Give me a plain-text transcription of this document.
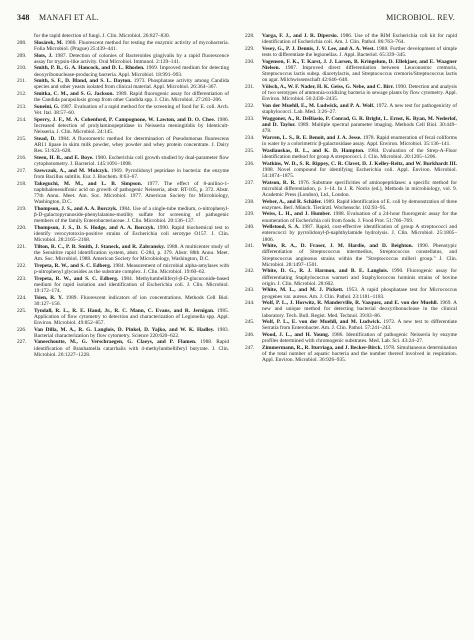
348 MANAFI ET AL.	MICROBIOL. REV.
for the rapid detection of fungi. J. Clin. Microbiol. 26:827–830.
208.	Slosárek, M. 1980. Fluorescent method for testing the enzymic activity of mycobacteria. Folia Microbiol. (Prague) 25:439–441.
209.	Slots, J. 1987. Detection of colonies of Bacteroides gingivalis by a rapid fluorescence assay for trypsin-like activity. Oral Microbiol. Immunol. 2:139–141.
210.	Smith, P. B., G. A. Hancock, and D. L. Rhoden. 1969. Improved medium for detecting deoxyribonuclease-producing bacteria. Appl. Microbiol. 18:991–993.
211.	Smith, S. F., D. Bland, and S. L. Dayton. 1973. Phosphatase activity among Candida species and other yeasts isolated from clinical material. Appl. Microbiol. 26:364–367.
212.	Smitka, C. M., and S. G. Jackson. 1989. Rapid fluorogenic assay for differentiation of the Candida parapsilosis group from other Candida spp. J. Clin. Microbiol. 27:203–206.
213.	Soneini, G. 1987. Evaluation of a rapid method for the screening of food for E. coli. Arch. Vet. Ital. 38:57–60.
214.	Sperry, J. F., M. A. Cohenford, P. Campognone, W. Lawton, and D. O. Chee. 1986. Increased detection of prolylaminopeptidase in Neisseria meningitidis by Identicult-Neisseria. J. Clin. Microbiol. 24:145.
215.	Stead, D. 1984. A fluorometric method for determination of Pseudomonas fluorescens AR11 lipase in skim milk powder, whey powder and whey protein concentrate. J. Dairy Res. 51:623–628.
216.	Steen, H. B., and E. Boye. 1980. Escherichia coli growth studied by dual-parameter flow cytophotometry. J. Bacteriol. 145:1091–1098.
217.	Szewczuk, A., and M. Mulczyk. 1969. Pyrrolidonyl peptidase in bacteria: the enzyme from Bacillus subtilis. Eur. J. Biochem. 8:63–67.
218.	Takeguchi, M. M., and L. B. Simpson. 1977. The effect of 8-anilino-1-naphthalenesulfonic acid on growth of pathogenic Neisseria, abstr. RT-105, p. 372. Abstr. 77th Annu. Meet. Am. Soc. Microbiol. 1977. American Society for Microbiology, Washington, D.C.
219.	Thompson, J. S., and A. A. Borczyk. 1984. Use of a single-tube medium, o-nitrophenyl-β-D-galactopyranoside-phenylalanine-motility sulfate for screening of pathogenic members of the family Enterobacteriaceae. J. Clin. Microbiol. 20:136–137.
220.	Thompson, J. S., D. S. Hodge, and A. A. Borczyk. 1990. Rapid biochemical test to identify verocytotoxin-positive strains of Escherichia coli serotype O157. J. Clin. Microbiol. 28:2165–2168.
221.	Tilton, R. C., P. B. Smith, J. Staneck, and R. Zabransky. 1988. A multicenter study of the Sensititre rapid identification system, abstr. C-284, p. 379. Abstr. 88th Annu. Meet. Am. Soc. Microbiol. 1988. American Society for Microbiology, Washington, D.C.
222.	Trepeta, R. W., and S. C. Edberg. 1984. Measurement of microbial alpha-amylases with p-nitrophenyl glycosides as the substrate complex. J. Clin. Microbiol. 19:60–62.
223.	Trepeta, R. W., and S. C. Edberg. 1984. Methylumbelliferyl-β-D-glucuronide-based medium for rapid isolation and identification of Escherichia coli. J. Clin. Microbiol. 19:172–174.
224.	Tsien, R. Y. 1989. Fluorescent indicators of ion concentrations. Methods Cell Biol. 30:127–156.
225.	Tyndall, R. L., R. E. Hand, Jr., R. C. Mann, C. Evans, and R. Jernigan. 1985. Application of flow cytometry to detection and characterization of Legionella spp. Appl. Environ. Microbiol. 49:852–857.
226.	Van Dilla, M. A., R. G. Langlois, D. Pinkel, D. Yajko, and W. K. Hadley. 1983. Bacterial characterization by flow cytometry. Science 220:620–622.
227.	Vaneechoutte, M., G. Verschraegen, G. Claeys, and P. Flamen. 1988. Rapid identification of Branhamella catarrhalis with 4-methylumbelliferyl butyrate. J. Clin. Microbiol. 26:1227–1228.
228.	Varga, F. J., and J. R. Dipersio. 1986. Use of the RIM Escherichia coli kit for rapid identification of Escherichia coli. Am. J. Clin. Pathol. 86:763–764.
229.	Vesey, G., P. J. Dennis, J. V. Lee, and A. A. West. 1988. Further development of simple tests to differentiate the legionellas. J. Appl. Bacteriol. 65:339–345.
230.	Vogensen, F. K., T. Karst, J. J. Larsen, B. Kringelum, D. Ellekjaer, and E. Waagner Nielsen. 1987. Improved direct differentiation between Leuconostoc cremoris, Streptococcus lactis subsp. diacetylactis, and Streptococcus cremoris/Streptococcus lactis on agar. Milchwissenschaft 42:646–648.
231.	Völsch, A., W. F. Nader, H. K. Geiss, G. Nebe, and C. Birr. 1990. Detection and analysis of two serotypes of ammonia-oxidizing bacteria in sewage plants by flow cytometry. Appl. Environ. Microbiol. 56:2430–2435.
232.	Von der Muehll, E., M. Ludwick, and P. A. Wolf. 1972. A new test for pathogenicity of staphylococci. Lab. Med. 3:26–27.
233.	Waggoner, A., R. DeBiasio, P. Conrad, G. R. Bright, L. Ernst, K. Ryan, M. Nederlof, and D. Taylor. 1989. Multiple spectral parameter imaging. Methods Cell Biol. 30:449–478.
234.	Warren, L. S., R. E. Benoit, and J. A. Jesse. 1978. Rapid enumeration of fecal coliforms in water by a colorimetric β-galactosidase assay. Appl. Environ. Microbiol. 35:136–141.
235.	Wasilauskas, B. L., and K. D. Hampton. 1984. Evaluation of the Strep-A-Fluor identification method for group A streptococci. J. Clin. Microbiol. 20:1205–1206.
236.	Watkins, W. D., S. R. Rippey, C. R. Clavet, D. J. Kelley-Reitz, and W. Burkhardt III. 1988. Novel compound for identifying Escherichia coli. Appl. Environ. Microbiol. 54:1874–1875.
237.	Watson, R. R. 1976. Substrate specificities of aminopeptidases: a specific method for microbial differentiation, p. 1–14. In J. R. Norris (ed.), Methods in microbiology, vol. 9. Academic Press (London), Ltd., London.
238.	Weber, A., and R. Schäfer. 1989. Rapid identification of E. coli by demonstration of three enzymes. Berl. Münch. Tierärztl. Wochenschr. 102:93–95.
239.	Weiss, L. H., and J. Humber. 1988. Evaluation of a 24-hour fluorogenic assay for the enumeration of Escherichia coli from foods. J. Food Prot. 51:766–769.
240.	Wellstood, S. A. 1987. Rapid, cost-effective identification of group A streptococci and enterococci by pyrrolidonyl-β-naphthylamide hydrolysis. J. Clin. Microbiol. 25:1805–1806.
241.	White, R. A., D. Fraser, J. M. Hardie, and D. Beighton. 1990. Phenotypic differentiation of Streptococcus intermedius, Streptococcus constellatus, and Streptococcus anginosus strains within the "Streptococcus milleri group." J. Clin. Microbiol. 28:1497–1501.
242.	White, D. G., R. J. Harmon, and B. E. Langlois. 1990. Fluorogenic assay for differentiating Staphylococcus warneri and Staphylococcus hominis strains of bovine origin. J. Clin. Microbiol. 28:602.
243.	White, M. L., and M. J. Pickett. 1953. A rapid phosphatase test for Micrococcus pyogenes var. aureus. Am. J. Clin. Pathol. 23:1181–1183.
244.	Wolf, P. L., J. Horwitz, R. Manderville, R. Vazquez, and E. von der Muehll. 1969. A new and unique method for detecting bacterial deoxyribonuclease in the clinical laboratory. Tech. Bull. Regist. Med. Technol. 39:83–86.
245.	Wolf, P. L., E. von der Muehll, and M. Ludwick. 1972. A new test to differentiate Serratia from Enterobacter. Am. J. Clin. Pathol. 57:241–243.
246.	Wood, J. L., and H. Young. 1986. Identification of pathogenic Neisseria by enzyme profiles determined with chromogenic substrates. Med. Lab. Sci. 43:24–27.
247.	Zimmermann, R., R. Iturriaga, and J. Becker-Birck. 1978. Simultaneous determination of the total number of aquatic bacteria and the number thereof involved in respiration. Appl. Environ. Microbiol. 36:926–935.
